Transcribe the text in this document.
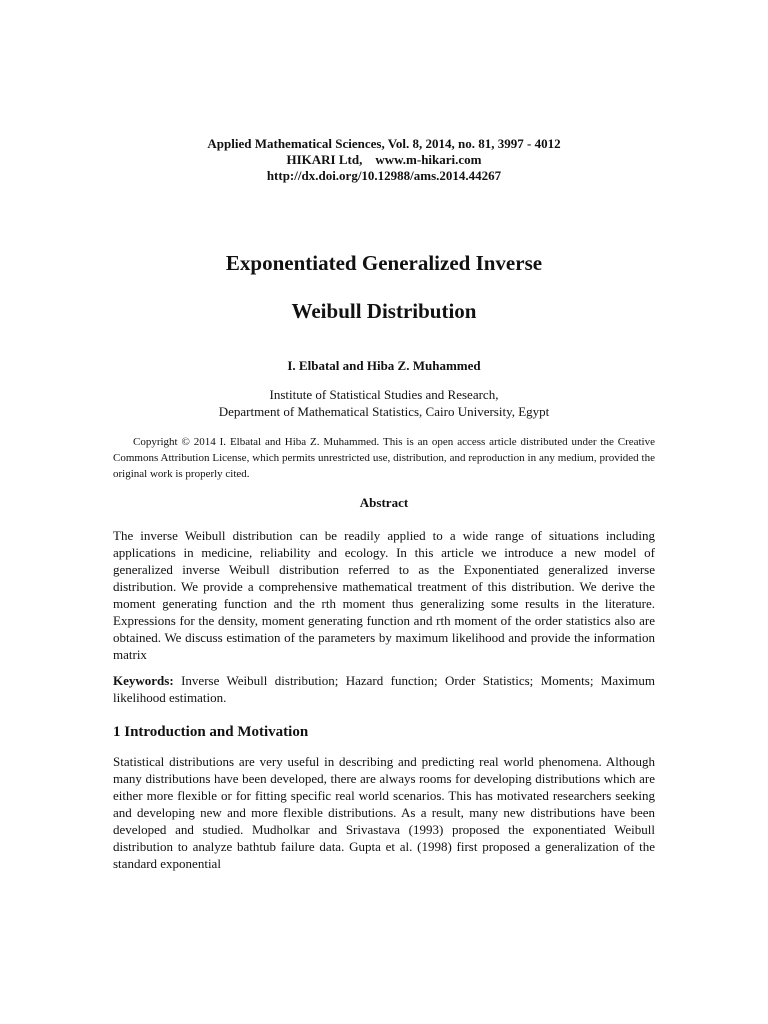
Applied Mathematical Sciences, Vol. 8, 2014, no. 81, 3997 - 4012
HIKARI Ltd,    www.m-hikari.com
http://dx.doi.org/10.12988/ams.2014.44267
Exponentiated Generalized Inverse
Weibull Distribution
I. Elbatal and Hiba Z. Muhammed
Institute of Statistical Studies and Research,
Department of Mathematical Statistics, Cairo University, Egypt
Copyright © 2014 I. Elbatal and Hiba Z. Muhammed. This is an open access article distributed under the Creative Commons Attribution License, which permits unrestricted use, distribution, and reproduction in any medium, provided the original work is properly cited.
Abstract
The inverse Weibull distribution can be readily applied to a wide range of situations including applications in medicine, reliability and ecology. In this article we introduce a new model of generalized inverse Weibull distribution referred to as the Exponentiated generalized inverse distribution. We provide a comprehensive mathematical treatment of this distribution. We derive the moment generating function and the rth moment thus generalizing some results in the literature. Expressions for the density, moment generating function and rth moment of the order statistics also are obtained. We discuss estimation of the parameters by maximum likelihood and provide the information matrix
Keywords: Inverse Weibull distribution; Hazard function; Order Statistics; Moments; Maximum likelihood estimation.
1 Introduction and Motivation
Statistical distributions are very useful in describing and predicting real world phenomena. Although many distributions have been developed, there are always rooms for developing distributions which are either more flexible or for fitting specific real world scenarios. This has motivated researchers seeking and developing new and more flexible distributions. As a result, many new distributions have been developed and studied. Mudholkar and Srivastava (1993) proposed the exponentiated Weibull distribution to analyze bathtub failure data. Gupta et al. (1998) first proposed a generalization of the standard exponential
